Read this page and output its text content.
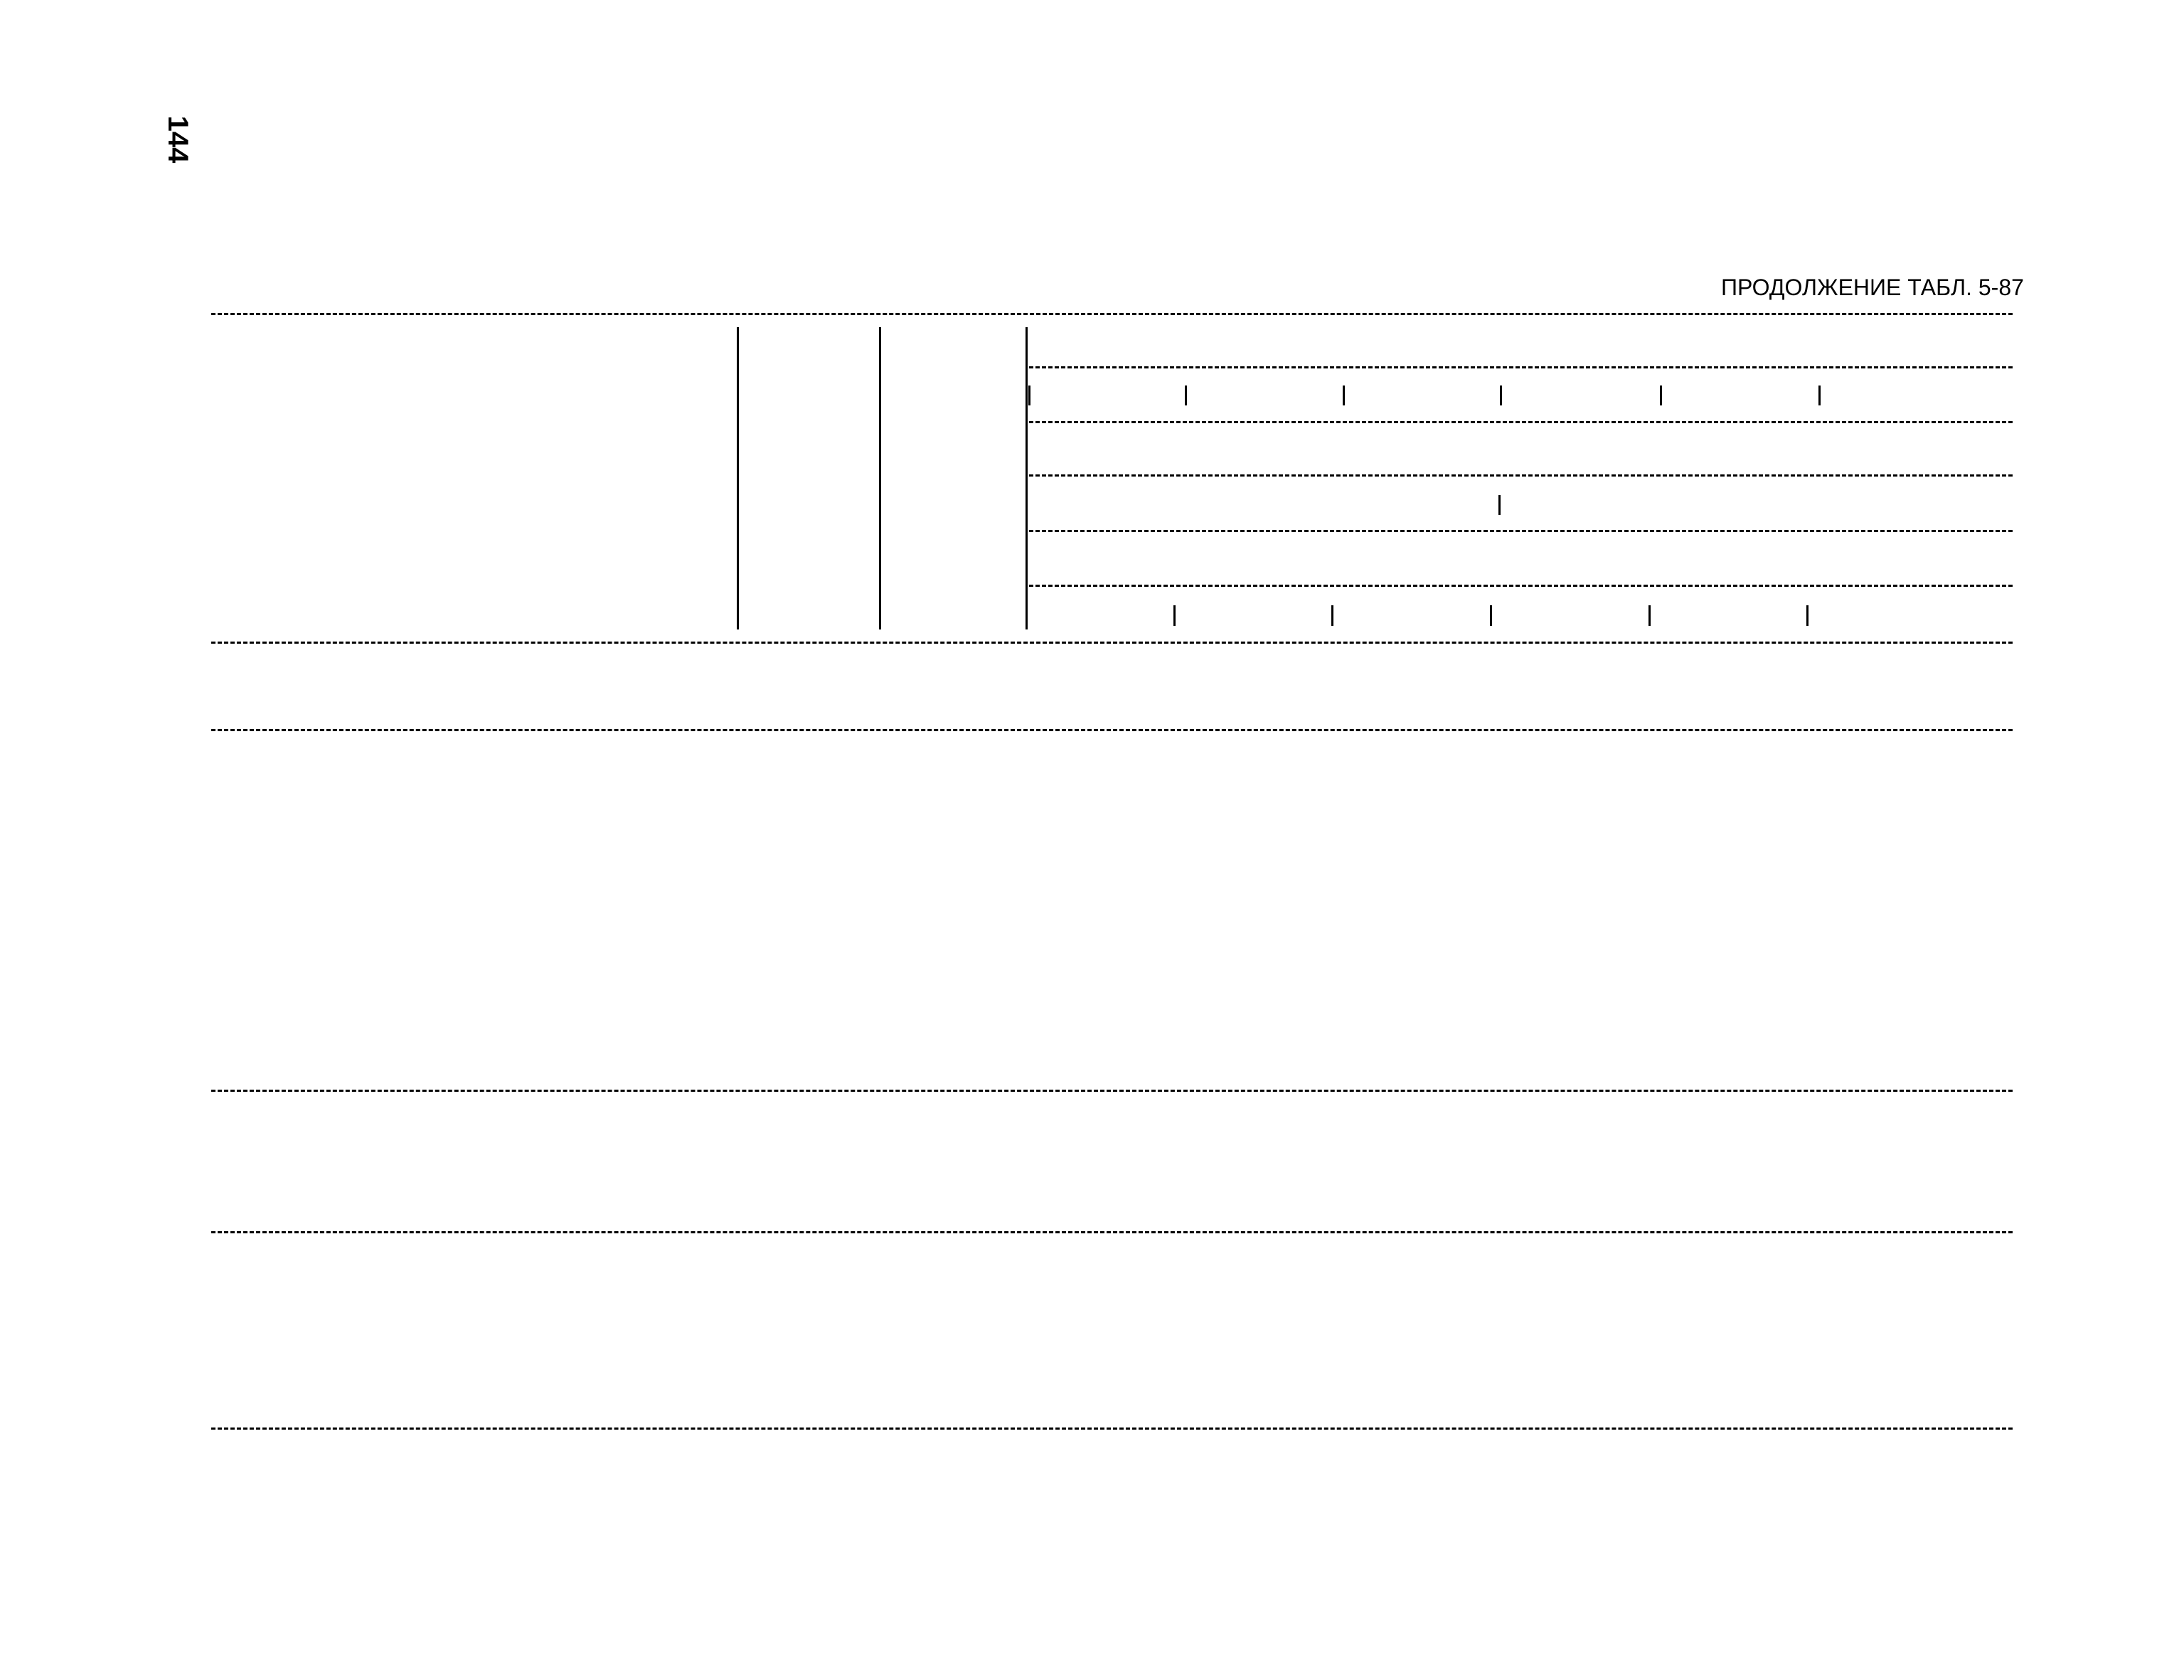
144
ПРОДОЛЖЕНИЕ ТАБЛ. 5-87
